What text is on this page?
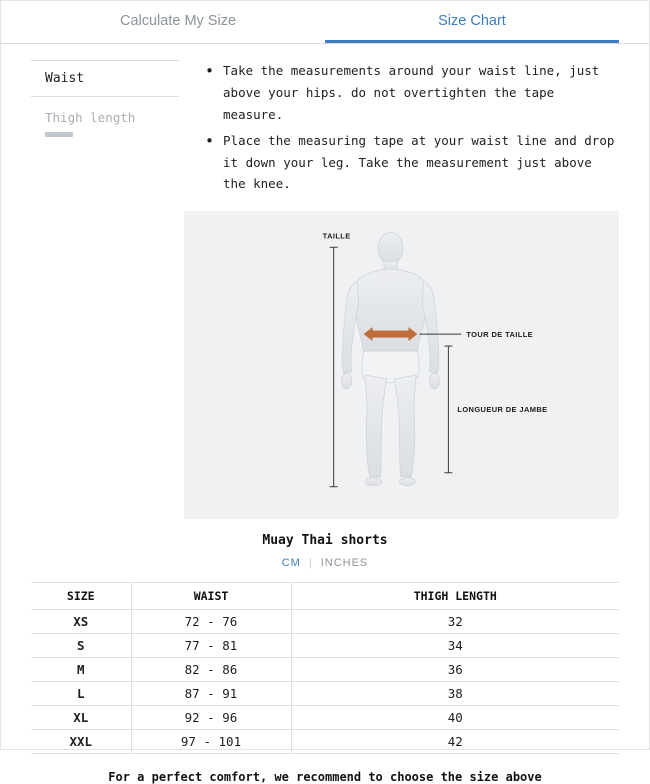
Calculate My Size	Size Chart
Waist
Thigh length
• Take the measurements around your waist line, just above your hips. do not overtighten the tape measure.

• Place the measuring tape at your waist line and drop it down your leg. Take the measurement just above the knee.

TAILLE
TOUR DE TAILLE
LONGUEUR DE JAMBE
Muay Thai shorts
CM | INCHES
SIZE	WAIST	THIGH LENGTH
XS	72 - 76	32
S	77 - 81	34
M	82 - 86	36
L	87 - 91	38
XL	92 - 96	40
XXL	97 - 101	42
For a perfect comfort, we recommend to choose the size above
